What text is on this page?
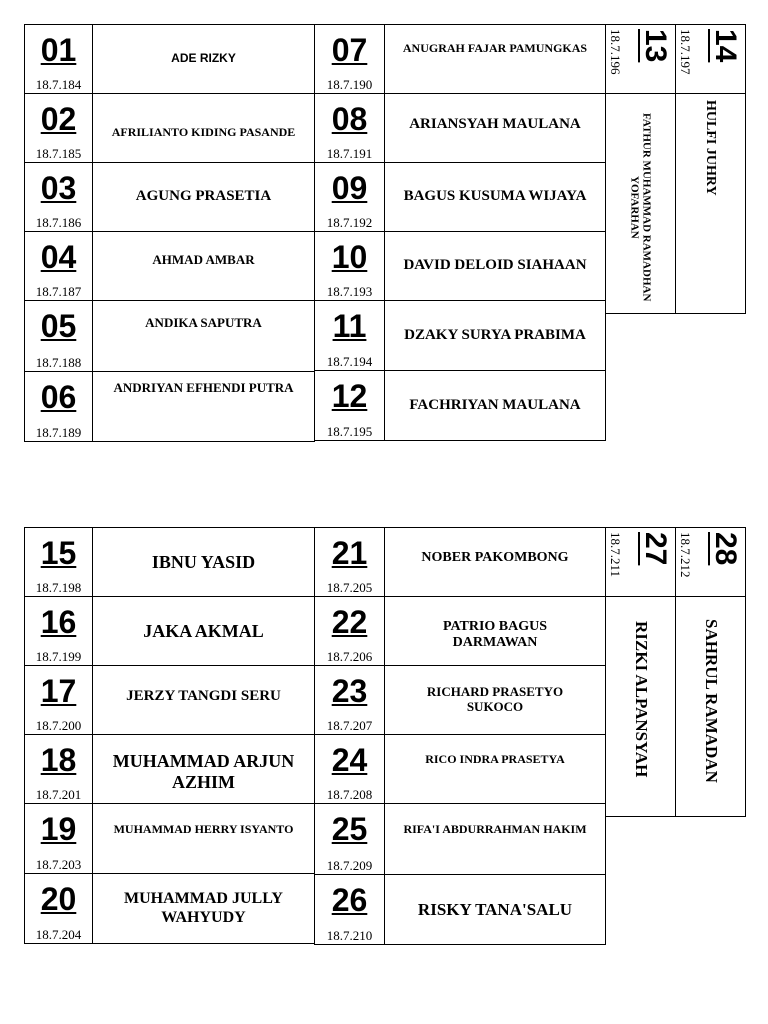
01
18.7.184
ADE RIZKY
02
18.7.185
AFRILIANTO KIDING PASANDE
03
18.7.186
AGUNG PRASETIA
04
18.7.187
AHMAD AMBAR
05
18.7.188
ANDIKA SAPUTRA
06
18.7.189
ANDRIYAN EFHENDI PUTRA
07
18.7.190
ANUGRAH FAJAR PAMUNGKAS
08
18.7.191
ARIANSYAH MAULANA
09
18.7.192
BAGUS KUSUMA WIJAYA
10
18.7.193
DAVID DELOID SIAHAAN
11
18.7.194
DZAKY SURYA PRABIMA
12
18.7.195
FACHRIYAN MAULANA
13
18.7.196
FATHUR MUHAMMAD RAMADHAN YOFARHAN
14
18.7.197
HULFI JUHRY
15
18.7.198
IBNU YASID
16
18.7.199
JAKA AKMAL
17
18.7.200
JERZY TANGDI SERU
18
18.7.201
MUHAMMAD ARJUN AZHIM
19
18.7.203
MUHAMMAD HERRY ISYANTO
20
18.7.204
MUHAMMAD JULLY WAHYUDY
21
18.7.205
NOBER PAKOMBONG
22
18.7.206
PATRIO BAGUS DARMAWAN
23
18.7.207
RICHARD PRASETYO SUKOCO
24
18.7.208
RICO INDRA PRASETYA
25
18.7.209
RIFA'I ABDURRAHMAN HAKIM
26
18.7.210
RISKY TANA'SALU
27
18.7.211
RIZKI ALPANSYAH
28
18.7.212
SAHRUL RAMADAN
